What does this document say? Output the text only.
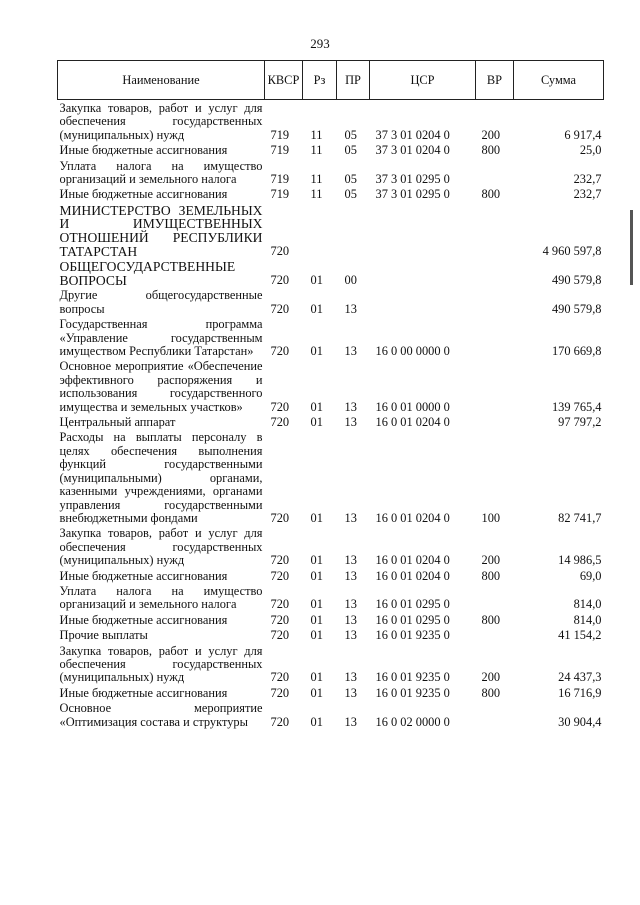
293
Наименование	КВСР	Рз	ПР	ЦСР	ВР	Сумма
Закупка товаров, работ и услуг для обеспечения государственных (муниципальных) нужд	719	11	05	37 3 01 0204 0	200	6 917,4
Иные бюджетные ассигнования	719	11	05	37 3 01 0204 0	800	25,0
Уплата налога на имущество организаций и земельного налога	719	11	05	37 3 01 0295 0		232,7
Иные бюджетные ассигнования	719	11	05	37 3 01 0295 0	800	232,7
МИНИСТЕРСТВО ЗЕМЕЛЬНЫХ И ИМУЩЕСТВЕННЫХ ОТНОШЕНИЙ РЕСПУБЛИКИ ТАТАРСТАН	720					4 960 597,8
ОБЩЕГОСУДАРСТВЕННЫЕ ВОПРОСЫ	720	01	00			490 579,8
Другие общегосударственные вопросы	720	01	13			490 579,8
Государственная программа «Управление государственным имуществом Республики Татарстан»	720	01	13	16 0 00 0000 0		170 669,8
Основное мероприятие «Обеспечение эффективного распоряжения и использования государственного имущества и земельных участков»	720	01	13	16 0 01 0000 0		139 765,4
Центральный аппарат	720	01	13	16 0 01 0204 0		97 797,2
Расходы на выплаты персоналу в целях обеспечения выполнения функций государственными (муниципальными) органами, казенными учреждениями, органами управления государственными внебюджетными фондами	720	01	13	16 0 01 0204 0	100	82 741,7
Закупка товаров, работ и услуг для обеспечения государственных (муниципальных) нужд	720	01	13	16 0 01 0204 0	200	14 986,5
Иные бюджетные ассигнования	720	01	13	16 0 01 0204 0	800	69,0
Уплата налога на имущество организаций и земельного налога	720	01	13	16 0 01 0295 0		814,0
Иные бюджетные ассигнования	720	01	13	16 0 01 0295 0	800	814,0
Прочие выплаты	720	01	13	16 0 01 9235 0		41 154,2
Закупка товаров, работ и услуг для обеспечения государственных (муниципальных) нужд	720	01	13	16 0 01 9235 0	200	24 437,3
Иные бюджетные ассигнования	720	01	13	16 0 01 9235 0	800	16 716,9
Основное мероприятие «Оптимизация состава и структуры	720	01	13	16 0 02 0000 0		30 904,4
